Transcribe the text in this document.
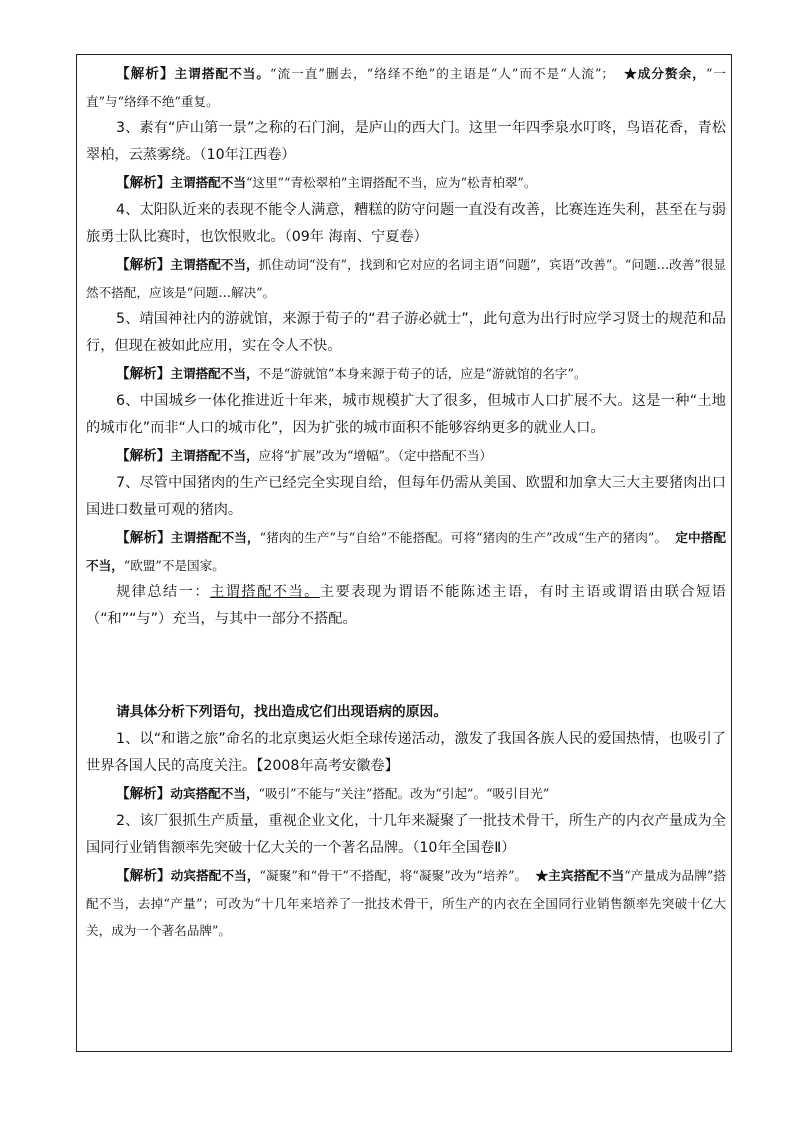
【解析】主谓搭配不当。“流一直”删去，“络绎不绝”的主语是“人”而不是“人流”； ★成分赘余，“一直”与“络绎不绝”重复。

3、素有“庐山第一景”之称的石门涧，是庐山的西大门。这里一年四季泉水叮咚，鸟语花香，青松翠柏，云蒸雾绕。（10年江西卷）

【解析】主谓搭配不当“这里”“青松翠柏”主谓搭配不当，应为“松青柏翠”。

4、太阳队近来的表现不能令人满意，糟糕的防守问题一直没有改善，比赛连连失利，甚至在与弱旅勇士队比赛时，也饮恨败北。（09年 海南、宁夏卷）

【解析】主谓搭配不当，抓住动词“没有”，找到和它对应的名词主语“问题”，宾语“改善”。“问题…改善”很显然不搭配，应该是“问题…解决”。

5、靖国神社内的游就馆，来源于荀子的“君子游必就士”，此句意为出行时应学习贤士的规范和品行，但现在被如此应用，实在令人不快。

【解析】主谓搭配不当，不是“游就馆”本身来源于荀子的话，应是“游就馆的名字”。

6、中国城乡一体化推进近十年来，城市规模扩大了很多，但城市人口扩展不大。这是一种“土地的城市化”而非“人口的城市化”，因为扩张的城市面积不能够容纳更多的就业人口。

【解析】主谓搭配不当，应将“扩展”改为“增幅”。（定中搭配不当）

7、尽管中国猪肉的生产已经完全实现自给，但每年仍需从美国、欧盟和加拿大三大主要猪肉出口国进口数量可观的猪肉。

【解析】主谓搭配不当，“猪肉的生产”与“自给”不能搭配。可将“猪肉的生产”改成“生产的猪肉”。 定中搭配不当，“欧盟”不是国家。

规律总结一：主谓搭配不当。主要表现为谓语不能陈述主语，有时主语或谓语由联合短语（“和”“与”）充当，与其中一部分不搭配。

请具体分析下列语句，找出造成它们出现语病的原因。

1、以“和谐之旅”命名的北京奥运火炬全球传递活动，激发了我国各族人民的爱国热情，也吸引了世界各国人民的高度关注。【2008年高考安徽卷】

【解析】动宾搭配不当，“吸引”不能与“关注”搭配。改为“引起”。“吸引目光”

2、该厂狠抓生产质量，重视企业文化，十几年来凝聚了一批技术骨干，所生产的内衣产量成为全国同行业销售额率先突破十亿大关的一个著名品牌。（10年全国卷Ⅱ）

【解析】动宾搭配不当，“凝聚”和“骨干”不搭配，将“凝聚”改为“培养”。 ★主宾搭配不当“产量成为品牌”搭配不当，去掉“产量”；可改为“十几年来培养了一批技术骨干，所生产的内衣在全国同行业销售额率先突破十亿大关，成为一个著名品牌”。
